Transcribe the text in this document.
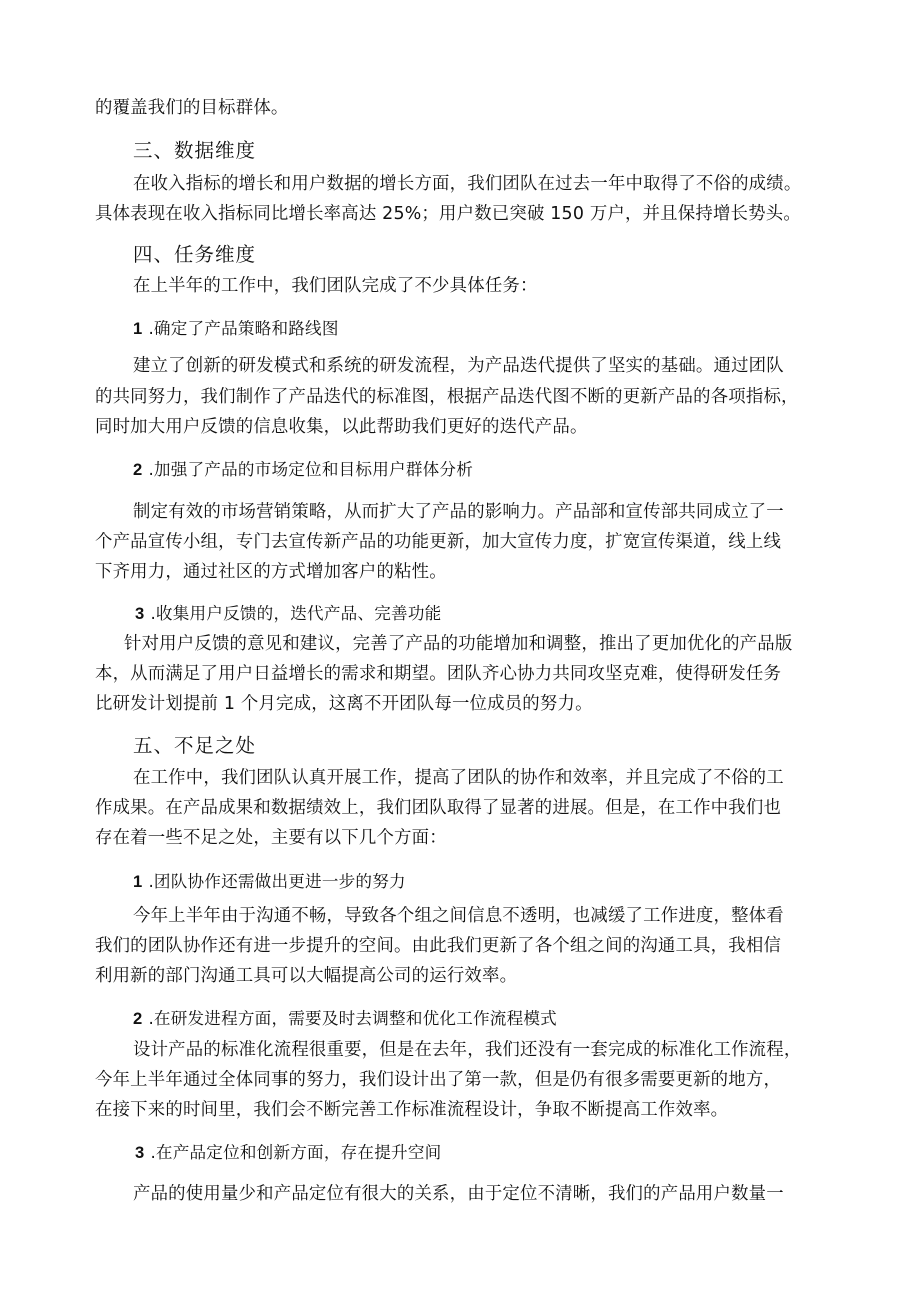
的覆盖我们的目标群体。
三、数据维度
在收入指标的增长和用户数据的增长方面，我们团队在过去一年中取得了不俗的成绩。
具体表现在收入指标同比增长率高达 25%；用户数已突破 150 万户，并且保持增长势头。
四、任务维度
在上半年的工作中，我们团队完成了不少具体任务：
1 .确定了产品策略和路线图
建立了创新的研发模式和系统的研发流程，为产品迭代提供了坚实的基础。通过团队
的共同努力，我们制作了产品迭代的标准图，根据产品迭代图不断的更新产品的各项指标，
同时加大用户反馈的信息收集，以此帮助我们更好的迭代产品。
2 .加强了产品的市场定位和目标用户群体分析
制定有效的市场营销策略，从而扩大了产品的影响力。产品部和宣传部共同成立了一
个产品宣传小组，专门去宣传新产品的功能更新，加大宣传力度，扩宽宣传渠道，线上线
下齐用力，通过社区的方式增加客户的粘性。
3 .收集用户反馈的，迭代产品、完善功能
针对用户反馈的意见和建议，完善了产品的功能增加和调整，推出了更加优化的产品版
本，从而满足了用户日益增长的需求和期望。团队齐心协力共同攻坚克难，使得研发任务
比研发计划提前 1 个月完成，这离不开团队每一位成员的努力。
五、不足之处
在工作中，我们团队认真开展工作，提高了团队的协作和效率，并且完成了不俗的工
作成果。在产品成果和数据绩效上，我们团队取得了显著的进展。但是，在工作中我们也
存在着一些不足之处，主要有以下几个方面：
1 .团队协作还需做出更进一步的努力
今年上半年由于沟通不畅，导致各个组之间信息不透明，也减缓了工作进度，整体看
我们的团队协作还有进一步提升的空间。由此我们更新了各个组之间的沟通工具，我相信
利用新的部门沟通工具可以大幅提高公司的运行效率。
2 .在研发进程方面，需要及时去调整和优化工作流程模式
设计产品的标准化流程很重要，但是在去年，我们还没有一套完成的标准化工作流程，
今年上半年通过全体同事的努力，我们设计出了第一款，但是仍有很多需要更新的地方，
在接下来的时间里，我们会不断完善工作标准流程设计，争取不断提高工作效率。
3 .在产品定位和创新方面，存在提升空间
产品的使用量少和产品定位有很大的关系，由于定位不清晰，我们的产品用户数量一
